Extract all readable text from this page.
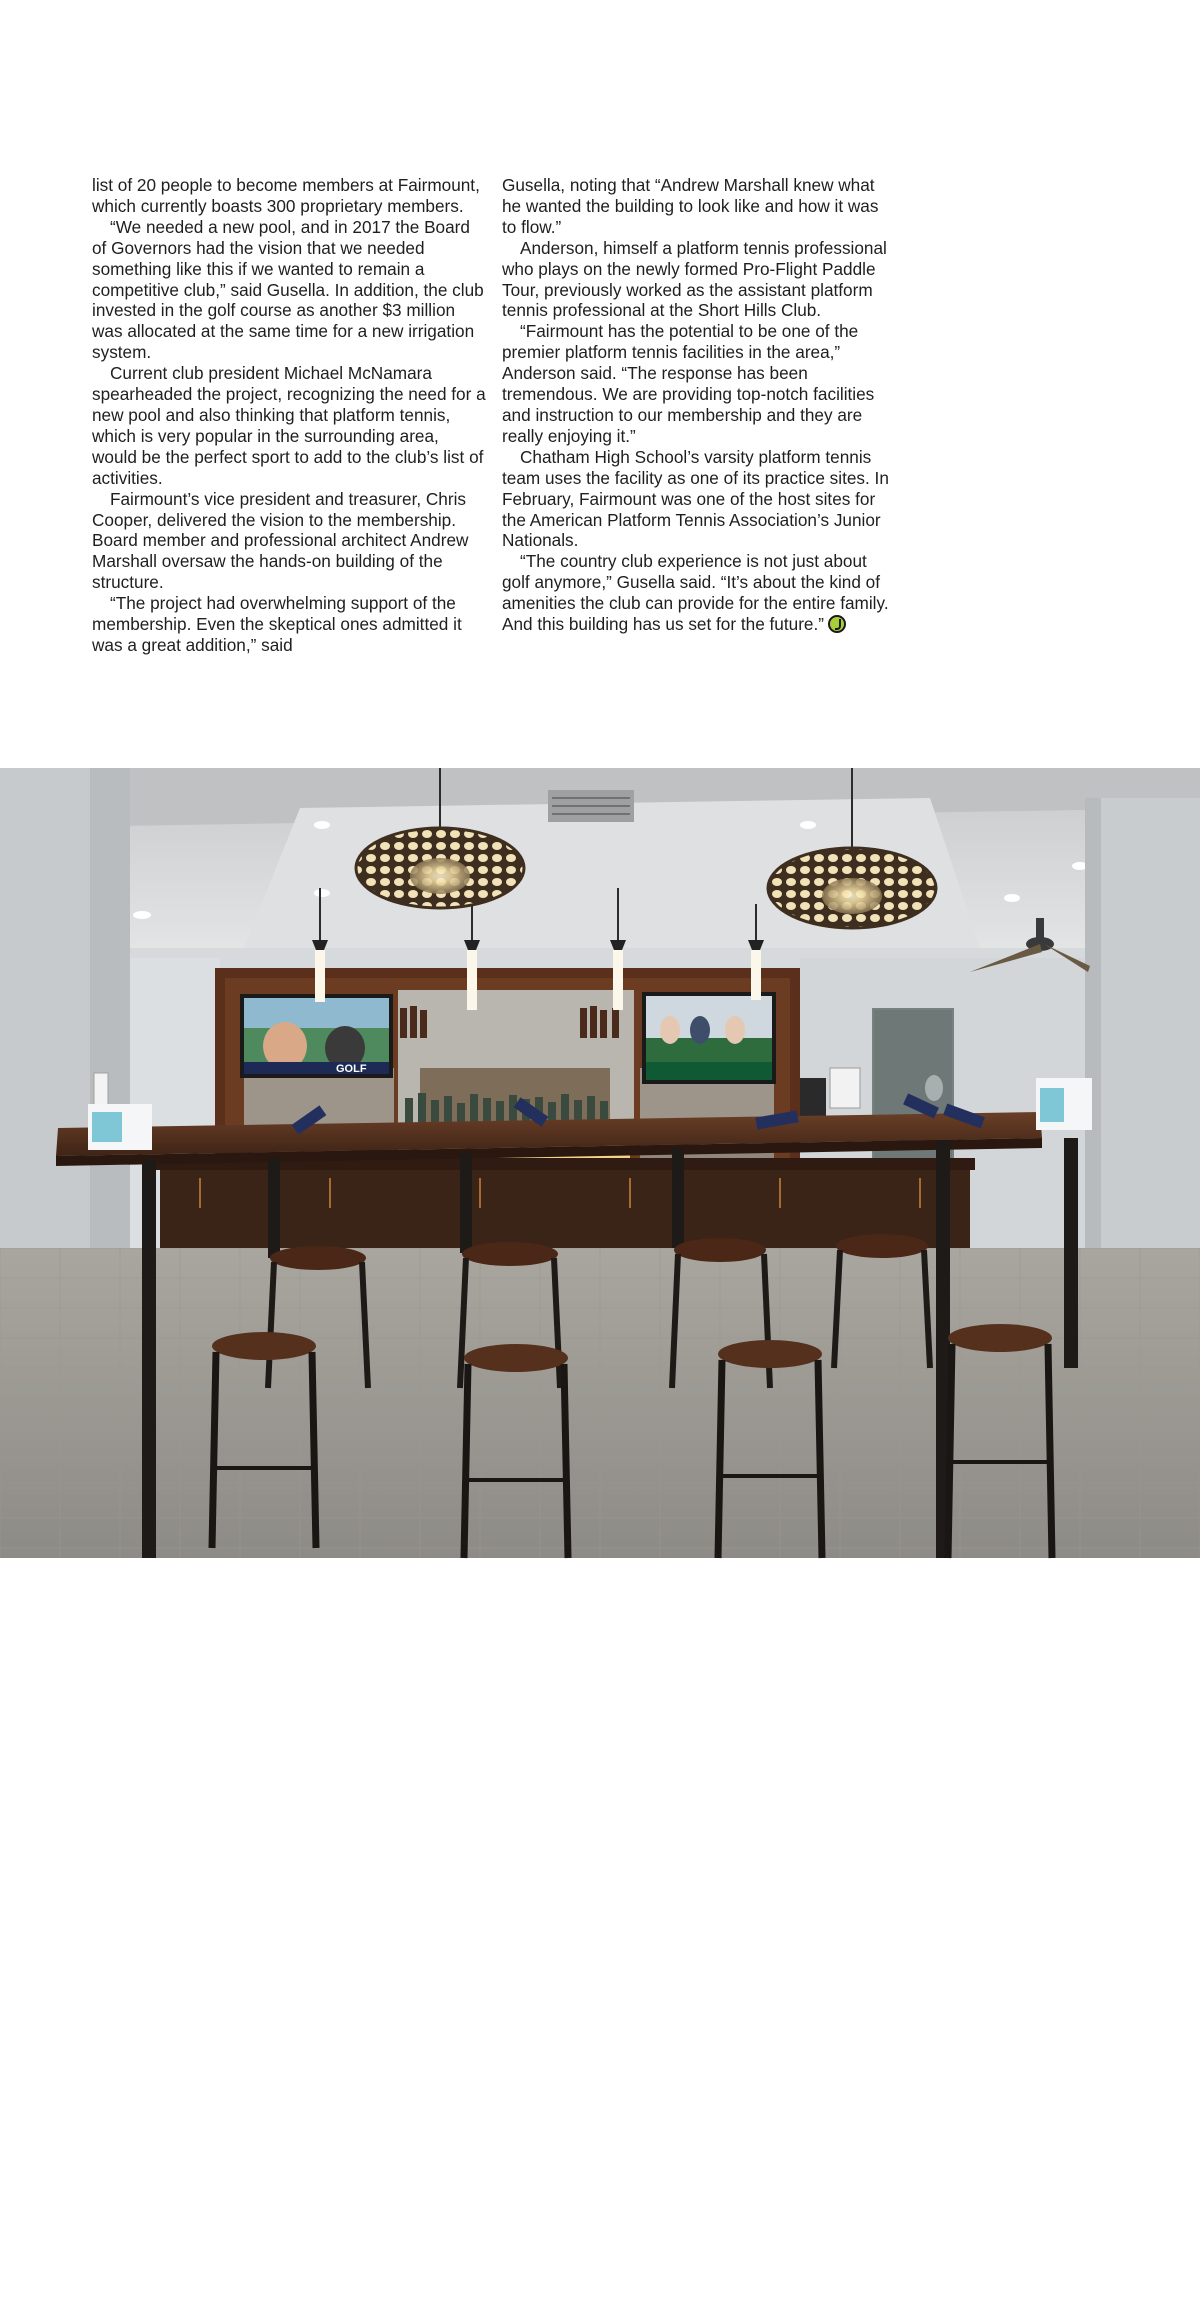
list of 20 people to become members at Fairmount, which currently boasts 300 proprietary members.

“We needed a new pool, and in 2017 the Board of Governors had the vision that we needed something like this if we wanted to remain a competitive club,” said Gusella. In addition, the club invested in the golf course as another $3 million was allocated at the same time for a new irrigation system.

Current club president Michael McNamara spearheaded the project, recognizing the need for a new pool and also thinking that platform tennis, which is very popular in the surrounding area, would be the perfect sport to add to the club’s list of activities.

Fairmount’s vice president and treasurer, Chris Cooper, delivered the vision to the membership. Board member and professional architect Andrew Marshall oversaw the hands-on building of the structure.

“The project had overwhelming support of the membership. Even the skeptical ones admitted it was a great addition,” said

Gusella, noting that “Andrew Marshall knew what he wanted the building to look like and how it was to flow.”

Anderson, himself a platform tennis professional who plays on the newly formed Pro-Flight Paddle Tour, previously worked as the assistant platform tennis professional at the Short Hills Club.

“Fairmount has the potential to be one of the premier platform tennis facilities in the area,” Anderson said. “The response has been tremendous. We are providing top-notch facilities and instruction to our membership and they are really enjoying it.”

Chatham High School’s varsity platform tennis team uses the facility as one of its practice sites. In February, Fairmount was one of the host sites for the American Platform Tennis Association’s Junior Nationals.

“The country club experience is not just about golf anymore,” Gusella said. “It’s about the kind of amenities the club can provide for the entire family. And this building has us set for the future.”

GOLF
Summer 2018 | NJSGA.org 29
